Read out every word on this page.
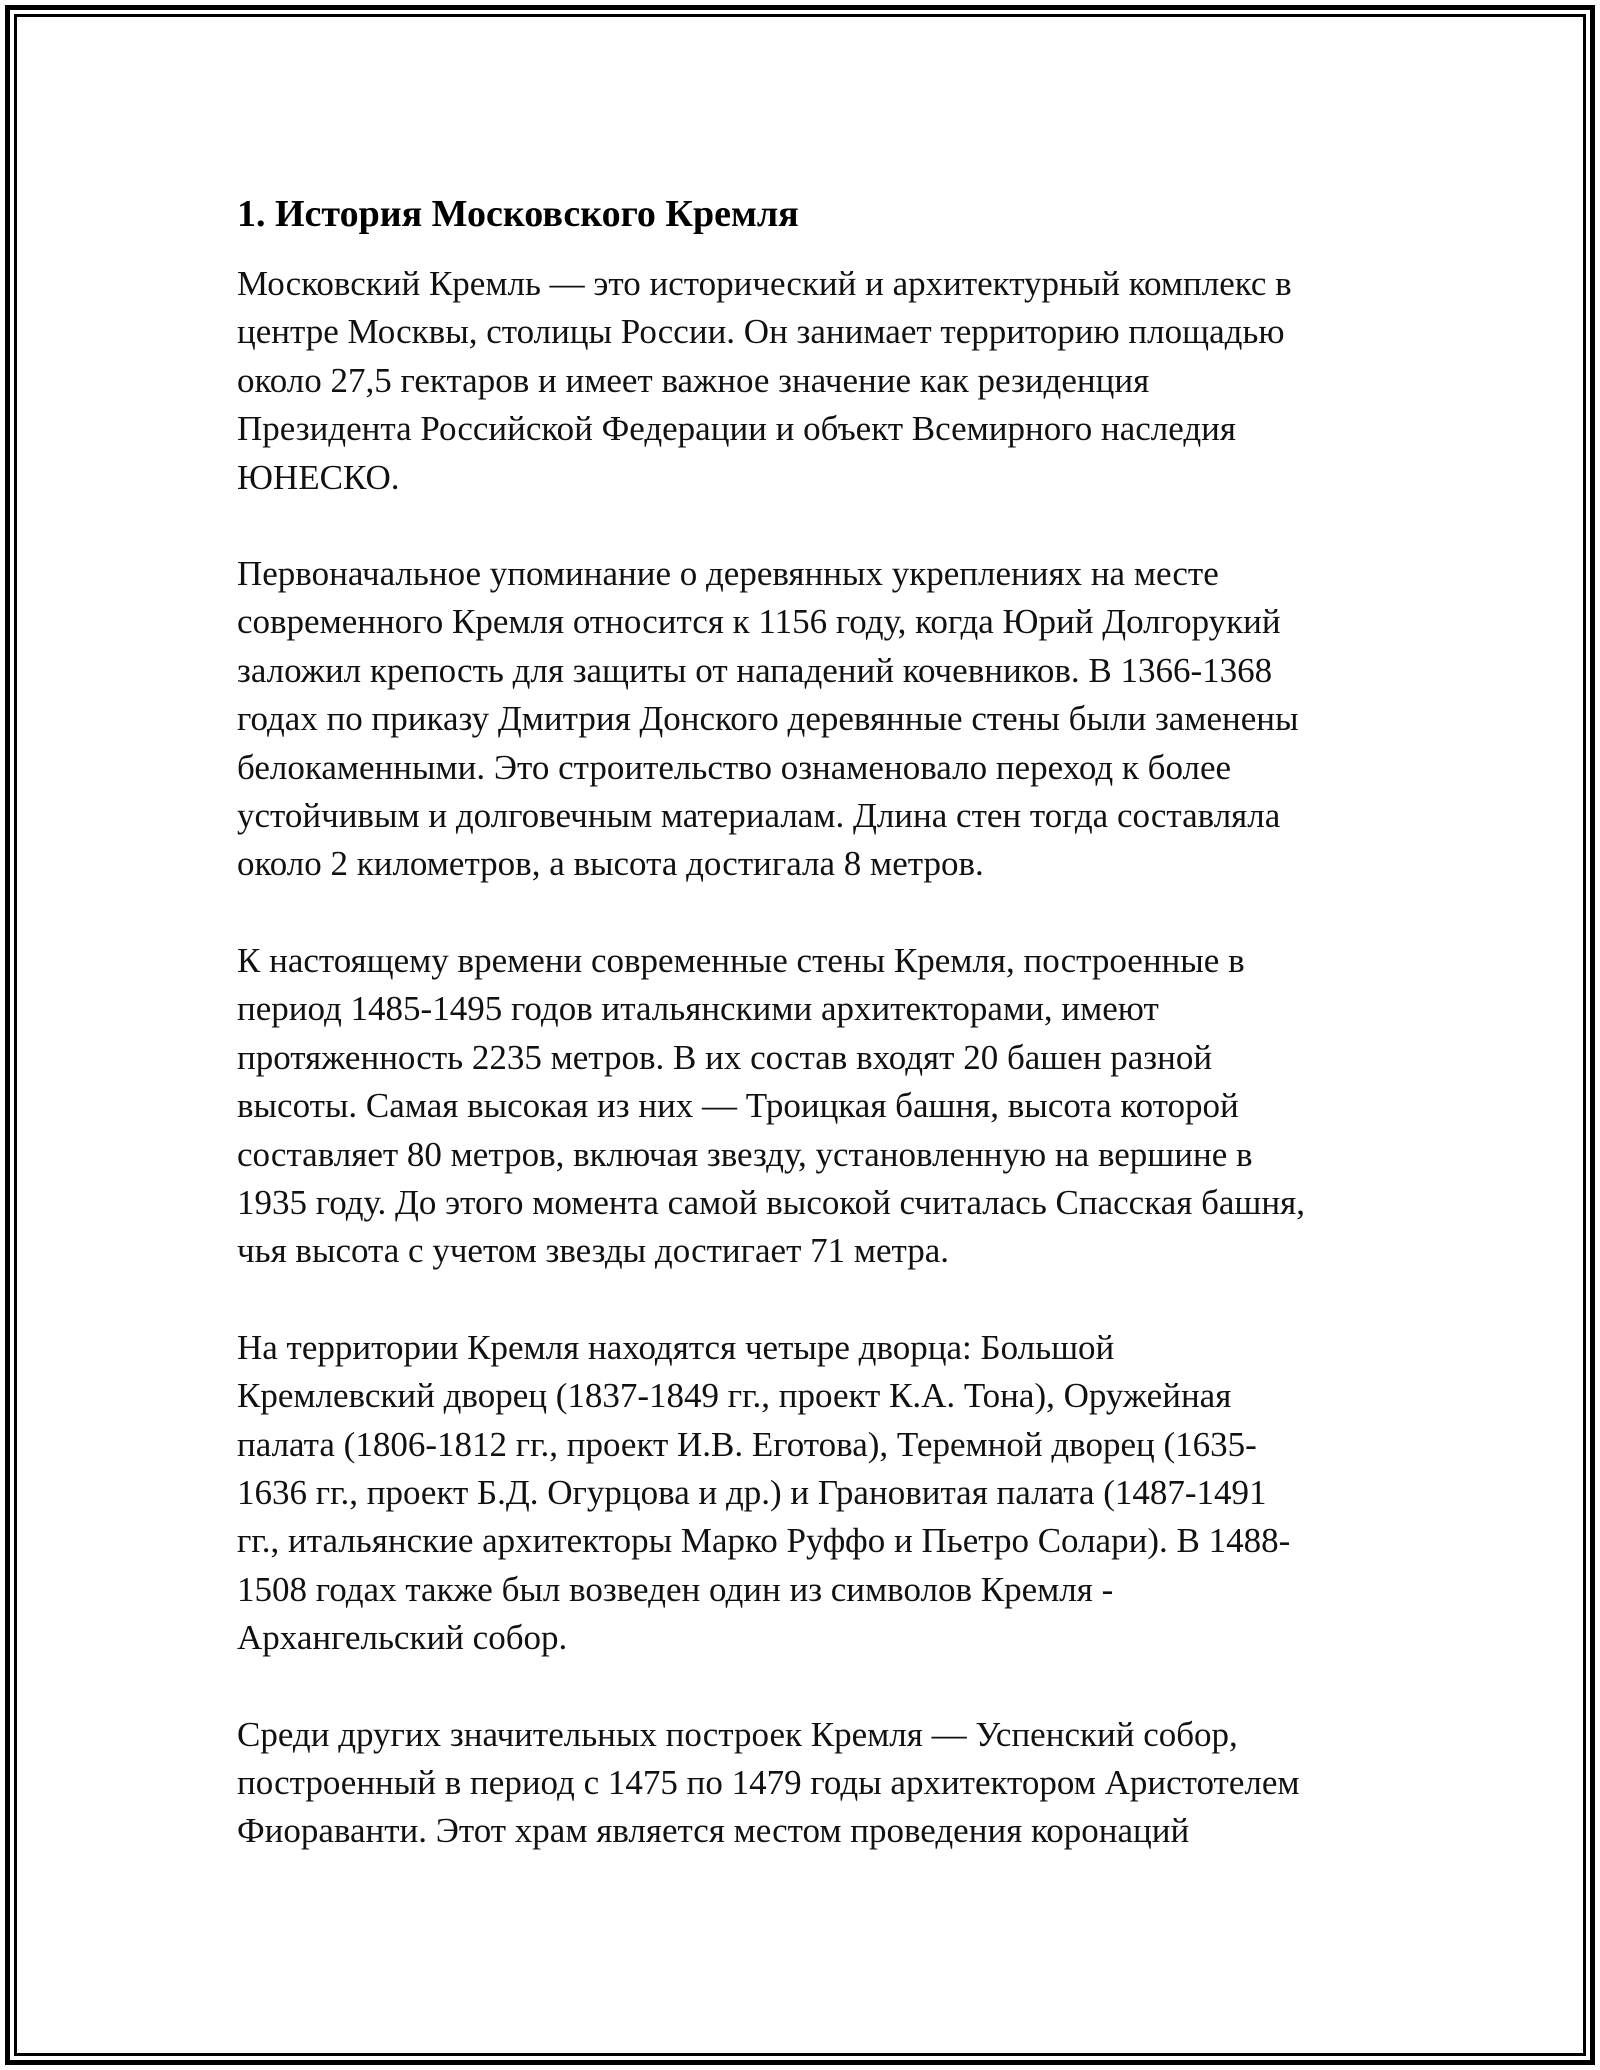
1. История Московского Кремля

Московский Кремль — это исторический и архитектурный комплекс в
центре Москвы, столицы России. Он занимает территорию площадью
около 27,5 гектаров и имеет важное значение как резиденция
Президента Российской Федерации и объект Всемирного наследия
ЮНЕСКО.

Первоначальное упоминание о деревянных укреплениях на месте
современного Кремля относится к 1156 году, когда Юрий Долгорукий
заложил крепость для защиты от нападений кочевников. В 1366-1368
годах по приказу Дмитрия Донского деревянные стены были заменены
белокаменными. Это строительство ознаменовало переход к более
устойчивым и долговечным материалам. Длина стен тогда составляла
около 2 километров, а высота достигала 8 метров.

К настоящему времени современные стены Кремля, построенные в
период 1485-1495 годов итальянскими архитекторами, имеют
протяженность 2235 метров. В их состав входят 20 башен разной
высоты. Самая высокая из них — Троицкая башня, высота которой
составляет 80 метров, включая звезду, установленную на вершине в
1935 году. До этого момента самой высокой считалась Спасская башня,
чья высота с учетом звезды достигает 71 метра.

На территории Кремля находятся четыре дворца: Большой
Кремлевский дворец (1837-1849 гг., проект К.А. Тона), Оружейная
палата (1806-1812 гг., проект И.В. Еготова), Теремной дворец (1635-
1636 гг., проект Б.Д. Огурцова и др.) и Грановитая палата (1487-1491
гг., итальянские архитекторы Марко Руффо и Пьетро Солари). В 1488-
1508 годах также был возведен один из символов Кремля -
Архангельский собор.

Среди других значительных построек Кремля — Успенский собор,
построенный в период с 1475 по 1479 годы архитектором Аристотелем
Фиораванти. Этот храм является местом проведения коронаций
